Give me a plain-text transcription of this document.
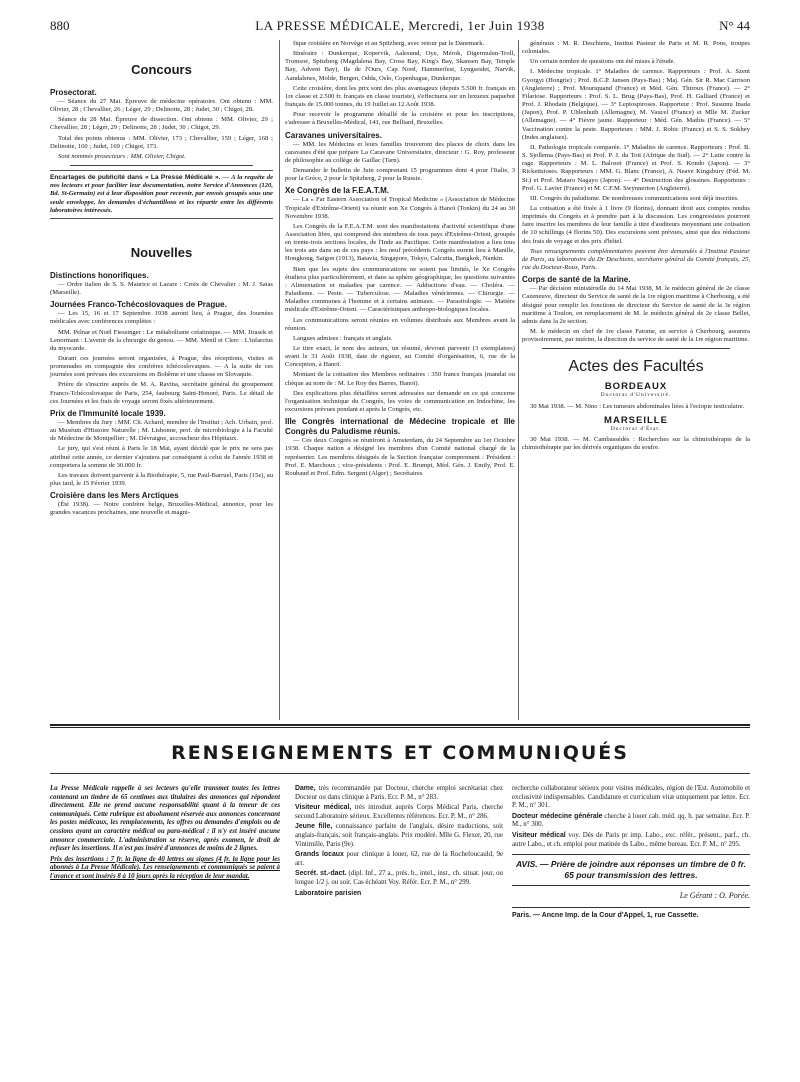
880	LA PRESSE MÉDICALE, Mercredi, 1er Juin 1938	N° 44
Concours
Prosectorat.

— Séance du 27 Mai. Épreuve de médecine opératoire. Ont obtenu : MM. Olivier, 28 ; Chevallier, 26 ; Léger, 29 ; Delinotte, 28 ; Judet, 30 ; Chigot, 28.

Séance du 28 Mai. Épreuve de dissection. Ont obtenu : MM. Olivier, 29 ; Chevallier, 28 ; Léger, 29 ; Delinotte, 28 ; Judet, 30 ; Chigot, 29.

Total des points obtenus : MM. Olivier, 173 ; Chevallier, 159 ; Léger, 168 ; Delinotte, 160 ; Judet, 169 ; Chigot, 173.

Sont nommés prosecteurs : MM. Olivier, Chigot.

Encartages de publicité dans « La Presse Médicale ». — A la requête de nos lecteurs et pour faciliter leur documentation, notre Service d'Annonces (120, Bd. St-Germain) est à leur disposition pour recevoir, par envois groupés sous une seule enveloppe, les demandes d'échantillons et les répartir entre les différents laboratoires intéressés.
Nouvelles
Distinctions honorifiques.

— Ordre italien de S. S. Maurice et Lazare : Croix de Chevalier : M. J. Saïas (Marseille).

Journées Franco-Tchécoslovaques de Prague.

— Les 15, 16 et 17 Septembre 1938 auront lieu, à Prague, des Journées médicales avec conférences complètes :

MM. Pelnar et Noël Fiessinger : Le métabolisme créatinique. — MM. Jirasek et Lenormant : L'avenir de la chirurgie du genou. — MM. Mentl et Clerc : L'infarctus du myocarde.

Durant ces journées seront organisées, à Prague, des réceptions, visites et promenades en compagnie des confrères tchécoslovaques. — A la suite de ces journées sont prévues des excursions en Bohême et une chasse en Slovaquie.

Prière de s'inscrire auprès de M. A. Ravina, secrétaire général du groupement Franco-Tchécoslovaque de Paris, 254, faubourg Saint-Honoré, Paris. Le détail de ces Journées et les frais de voyage seront fixés ultérieurement.

Prix de l'Immunité locale 1939.

— Membres du Jury : MM. Ch. Achard, membre de l'Institut ; Ach. Urbain, prof. au Muséum d'Histoire Naturelle ; M. Lisbonne, prof. de microbiologie à la Faculté de Médecine de Montpellier ; M. Dévraigne, accoucheur des Hôpitaux.

Le jury, qui s'est réuni à Paris le 18 Mai, ayant décidé que le prix ne sera pas attribué cette année, ce dernier s'ajoutera par conséquent à celui de l'année 1938 et comportera la somme de 30.000 fr.

Les travaux doivent parvenir à la Biothérapie, 5, rue Paul-Barruel, Paris (15e), au plus tard, le 15 Février 1939.

Croisière dans les Mers Arctiques

(Été 1938). — Notre confrère belge, Bruxelles-Médical, annonce, pour les grandes vacances prochaines, une nouvelle et magni-

fique croisière en Norvège et au Spitzberg, avec retour par le Danemark.

Itinéraire : Dunkerque, Kopervik, Aalesund, Oye, Mérok, Digermulen-Troll, Tromsoe, Spitzberg (Magdalena Bay, Cross Bay, King's Bay, Skansen Bay, Temple Bay, Advent Bay), Ile de l'Ours, Cap Nord, Hammerfest, Lyngseidet, Narvik, Aandalsnes, Molde, Bergen, Odda, Oslo, Copenhague, Dunkerque.

Cette croisière, dont les prix sont des plus avantageux (depuis 5.500 fr. français en 1re classe et 2.500 fr. français en classe touriste), s'effectuera sur un luxueux paquebot français de 15.000 tonnes, du 19 Juillet au 12 Août 1938.

Pour recevoir le programme détaillé de la croisière et pour les inscriptions, s'adresser à Bruxelles-Médical, 141, rue Belliard, Bruxelles.

Caravanes universitaires.

— MM. les Médecins et leurs familles trouveront des places de choix dans les caravanes d'été que prépare La Caravane Universitaire, directeur : G. Roy, professeur de philosophie au collège de Gaillac (Tarn).

Demander le bulletin de Juin comprenant 15 programmes dont 4 pour l'Italie, 3 pour la Grèce, 2 pour le Spitzberg, 2 pour la Russie.

Xe Congrès de la F.E.A.T.M.

— La « Far Eastern Association of Tropical Medicine » (Association de Médecine Tropicale d'Extrême-Orient) va réunir son Xe Congrès à Hanoï (Tonkin) du 24 au 30 Novembre 1938.

Les Congrès de la F.E.A.T.M. sont des manifestations d'activité scientifique d'une Association libre, qui comprend des membres de tous pays d'Extrême-Orient, groupés en trente-trois sections locales, de l'Inde au Pacifique. Cette manifestation a lieu tous les trois ans dans un de ces pays : les neuf précédents Congrès eurent lieu à Manille, Hongkong, Saïgon (1913), Batavia, Singapore, Tokyo, Calcutta, Bangkok, Nankin.

Bien que les sujets des communications ne soient pas limités, le Xe Congrès étudiera plus particulièrement, et dans sa sphère géographique, les questions suivantes : Alimentation et maladies par carence. — Adductions d'eau. — Choléra. — Paludisme. — Peste. — Tuberculose. — Maladies vénériennes. — Chirurgie. — Maladies communes à l'homme et à certains animaux. — Parasitologie. — Matière médicale d'Extrême-Orient. — Caractéristiques anthropo-biologiques locales.

Les communications seront réunies en volumes distribués aux Membres avant la réunion.

Langues admises : français et anglais.

Le titre exact, le nom des auteurs, un résumé, devront parvenir (3 exemplaires) avant le 31 Août 1938, date de rigueur, au Comité d'organisation, 6, rue de la Conception, à Hanoï.

Montant de la cotisation des Membres ordinaires : 350 francs français (mandat ou chèque au nom de : M. Le Roy des Barres, Hanoï).

Des explications plus détaillées seront adressées sur demande en ce qui concerne l'organisation technique du Congrès, les voies de communication en Indochine, les excursions prévues pendant et après le Congrès, etc.

IIIe Congrès international de Médecine tropicale et IIIe Congrès du Paludisme réunis.

— Ces deux Congrès se réuniront à Amsterdam, du 24 Septembre au 1er Octobre 1938. Chaque nation a désigné les membres d'un Comité national chargé de la représenter. Les membres désignés de la Section française comprennent : Président : Prof. E. Marchoux ; vice-présidents : Prof. E. Brumpt, Méd. Gén. J. Emily, Prof. E. Roubaud et Prof. Edm. Sergent (Alger) ; Secrétaires

généraux : M. R. Deschiens, Institut Pasteur de Paris et M. R. Pons, troupes coloniales.

Un certain nombre de questions ont été mises à l'étude.

I. Médecine tropicale. 1° Maladies de carence. Rapporteurs : Prof. A. Szent Gyorgyi (Hongrie) ; Prof. B.C.P. Jansen (Pays-Bas) ; Maj. Gén. Sir R. Mac Carrison (Angleterre) ; Prof. Mouriquand (France) et Méd. Gén. Thiroux (France). — 2° Filariose. Rapporteurs : Prof. S. L. Brug (Pays-Bas), Prof. H. Galliard (France) et Prof. J. Rhodain (Belgique). — 3° Leptospiroses. Rapporteur : Prof. Susumu Inada (Japon), Prof. P. Uhlenhuth (Allemagne), M. Vaucel (France) et Mlle M. Zucker (Allemagne). — 4° Fièvre jaune. Rapporteur : Méd. Gén. Mathis (France). — 5° Vaccination contre la peste. Rapporteurs : MM. J. Robic (France) et S. S. Sokhey (Indes anglaises).

II. Pathologie tropicale comparée. 1° Maladies de carence. Rapporteurs : Prof. B. S. Sjollema (Pays-Bas) et Prof. P. J. du Toit (Afrique du Sud). — 2° Lutte contre la rage. Rapporteurs : M. L. Balozet (France) et Prof. S. Kondo (Japon). — 3° Rickettsioses. Rapporteurs : MM. G. Blanc (France), A. Neave Kingsbury (Féd. M. St.) et Prof. Mataro Nagayo (Japon). — 4° Destruction des glossines. Rapporteurs : Prof. G. Lavier (France) et M. C.F.M. Swynnerton (Angleterre).

III. Congrès du paludisme. De nombreuses communications sont déjà inscrites.

La cotisation a été fixée à 1 livre (9 florins), donnant droit aux comptes rendus imprimés du Congrès et à prendre part à la discussion. Les congressistes pourront faire inscrire les membres de leur famille à titre d'auditeurs moyennant une cotisation de 10 schillings (4 florins 50). Des excursions sont prévues, ainsi que des réductions des frais de voyage et des prix d'hôtel.

Tous renseignements complémentaires peuvent être demandés à l'Institut Pasteur de Paris, au laboratoire du Dr Deschiens, secrétaire général du Comité français, 25, rue du Docteur-Roux, Paris.

Corps de santé de la Marine.

— Par décision ministérielle du 14 Mai 1938, M. le médecin général de 2e classe Cazeneuve, directeur du Service de santé de la 1re région maritime à Cherbourg, a été désigné pour remplir les fonctions de directeur du Service de santé de la 3e région maritime à Toulon, en remplacement de M. le médecin général de 2e classe Bellet, admis dans la 2e section.

M. le médecin en chef de 1re classe Fatome, en service à Cherbourg, assurera provisoirement, par intérim, la direction du service de santé de la 1re région maritime.

Actes des Facultés
BORDEAUX
Doctorat d'Université.

30 Mai 1938. — M. Nino : Les tumeurs abdominales liées à l'ectopie testiculaire.

MARSEILLE
Doctorat d'État.

30 Mai 1938. — M. Cambassédès : Recherches sur la chimiothérapie de la chimiothérapie par les dérivés organiques du soufre.

RENSEIGNEMENTS ET COMMUNIQUÉS

La Presse Médicale rappelle à ses lecteurs qu'elle transmet toutes les lettres contenant un timbre de 65 centimes aux titulaires des annonces qui répondent directement. Elle ne prend aucune responsabilité quant à la teneur de ces communiqués. Cette rubrique est absolument réservée aux annonces concernant les postes médicaux, les remplacements, les offres ou demandes d'emplois ou de cessions ayant un caractère médical ou para-médical : il n'y est inséré aucune annonce commerciale. L'administration se réserve, après examen, le droit de refuser les insertions. Il n'est pas inséré d'annonces de moins de 2 lignes.

Prix des insertions : 7 fr. la ligne de 40 lettres ou signes (4 fr. la ligne pour les abonnés à La Presse Médicale). Les renseignements et communiqués se paient à l'avance et sont insérés 8 à 10 jours après la réception de leur mandat.

Dame, très recommandée par Docteur, cherche emploi secrétariat chez Docteur ou dans clinique à Paris. Ecr. P. M., n° 283.

Visiteur médical, très introduit auprès Corps Médical Paris, cherche second Laboratoire sérieux. Excellentes références. Ecr. P. M., n° 286.

Jeune fille, connaissance parfaite de l'anglais, désire traductions, soit anglais-français, soit français-anglais. Prix modéré. Mlle G. Flexer, 20, rue Vintimille, Paris (9e).

Grands locaux pour clinique à louer, 62, rue de la Rochefoucauld, 9e arr.

Secrét. st.-dact. (dipl. Inf., 27 a., prés. b., intel., inst., ch. situat. jour, ou longue 1/2 j. ou soir. Cas échéant Voy. Référ. Ecr. P. M., n° 299.

Laboratoire parisien

recherche collaborateur sérieux pour visites médicales, région de l'Est. Automobile et exclusivité indispensables. Candidature et curriculum vitæ uniquement par lettre. Ecr. P. M., n° 301.

Docteur médecine générale cherche à louer cab. méd. qq. h. par semaine. Ecr. P. M., n° 300.

Visiteur médical voy. Dés de Paris pr imp. Labo., exc. référ., présent., parf., ch. autre Labo., et ch. emploi pour matinée ds Labo., même bureau. Ecr. P. M., n° 295.

AVIS. — Prière de joindre aux réponses un timbre de 0 fr. 65 pour transmission des lettres.
Le Gérant : O. Porée.
Paris. — Ancne Imp. de la Cour d'Appel, 1, rue Cassette.
